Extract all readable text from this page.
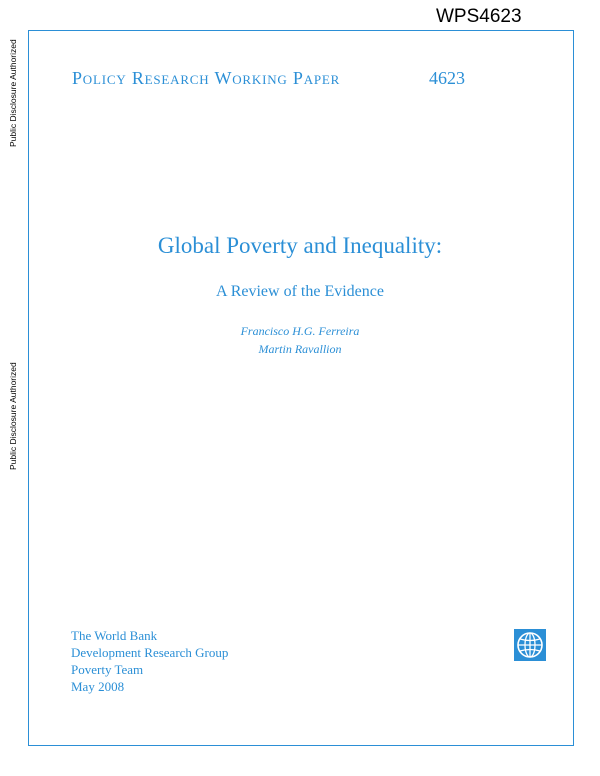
WPS4623
Public Disclosure Authorized
Public Disclosure Authorized
Policy Research Working Paper	4623
Global Poverty and Inequality:
A Review of the Evidence
Francisco H.G. Ferreira
Martin Ravallion
The World Bank
Development Research Group
Poverty Team
May 2008
